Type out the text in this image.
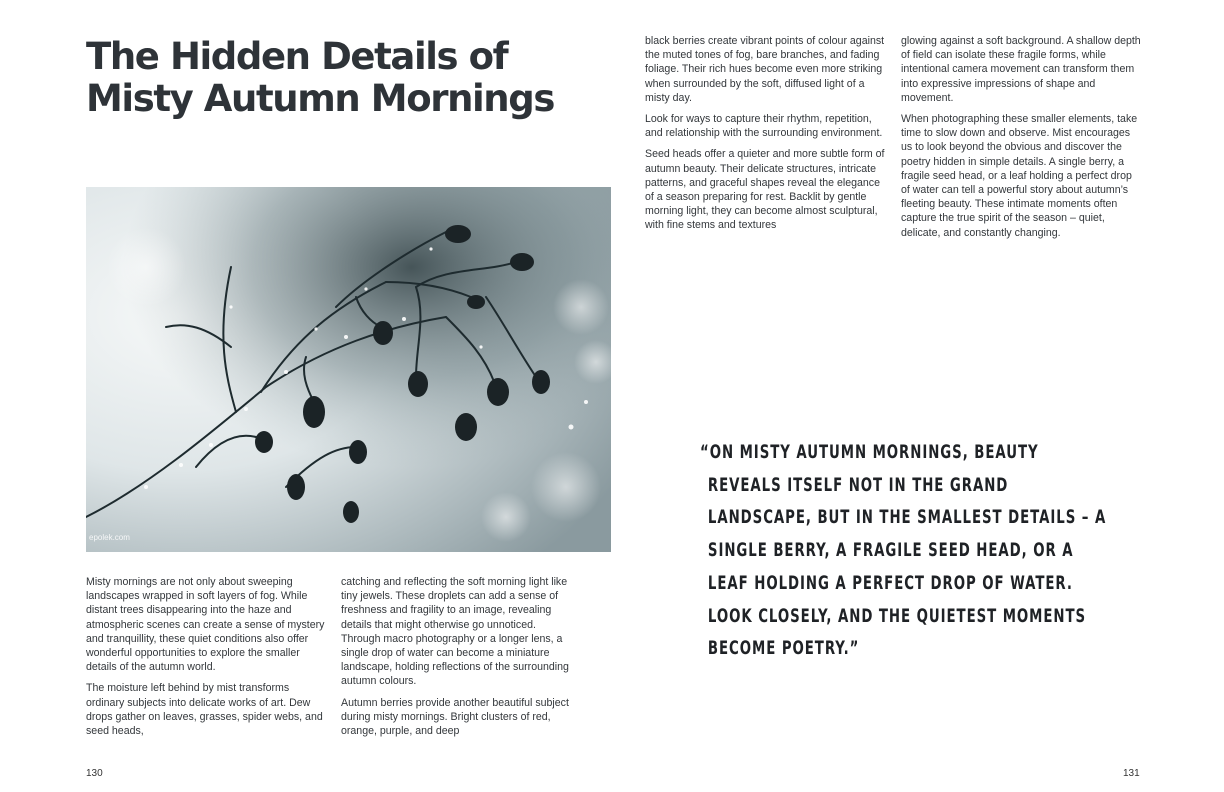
The Hidden Details of Misty Autumn Mornings
epolek.com

Misty mornings are not only about sweeping landscapes wrapped in soft layers of fog. While distant trees disappearing into the haze and atmospheric scenes can create a sense of mystery and tranquillity, these quiet conditions also offer wonderful opportunities to explore the smaller details of the autumn world.

The moisture left behind by mist transforms ordinary subjects into delicate works of art. Dew drops gather on leaves, grasses, spider webs, and seed heads,

catching and reflecting the soft morning light like tiny jewels. These droplets can add a sense of freshness and fragility to an image, revealing details that might otherwise go unnoticed. Through macro photography or a longer lens, a single drop of water can become a miniature landscape, holding reflections of the surrounding autumn colours.

Autumn berries provide another beautiful subject during misty mornings. Bright clusters of red, orange, purple, and deep

130

black berries create vibrant points of colour against the muted tones of fog, bare branches, and fading foliage. Their rich hues become even more striking when surrounded by the soft, diffused light of a misty day.

Look for ways to capture their rhythm, repetition, and relationship with the surrounding environment.

Seed heads offer a quieter and more subtle form of autumn beauty. Their delicate structures, intricate patterns, and graceful shapes reveal the elegance of a season preparing for rest. Backlit by gentle morning light, they can become almost sculptural, with fine stems and textures

glowing against a soft background. A shallow depth of field can isolate these fragile forms, while intentional camera movement can transform them into expressive impressions of shape and movement.

When photographing these smaller elements, take time to slow down and observe. Mist encourages us to look beyond the obvious and discover the poetry hidden in simple details. A single berry, a fragile seed head, or a leaf holding a perfect drop of water can tell a powerful story about autumn’s fleeting beauty. These intimate moments often capture the true spirit of the season – quiet, delicate, and constantly changing.

“ON MISTY AUTUMN MORNINGS, BEAUTY REVEALS ITSELF NOT IN THE GRAND LANDSCAPE, BUT IN THE SMALLEST DETAILS – A SINGLE BERRY, A FRAGILE SEED HEAD, OR A LEAF HOLDING A PERFECT DROP OF WATER. LOOK CLOSELY, AND THE QUIETEST MOMENTS BECOME POETRY.”

131
